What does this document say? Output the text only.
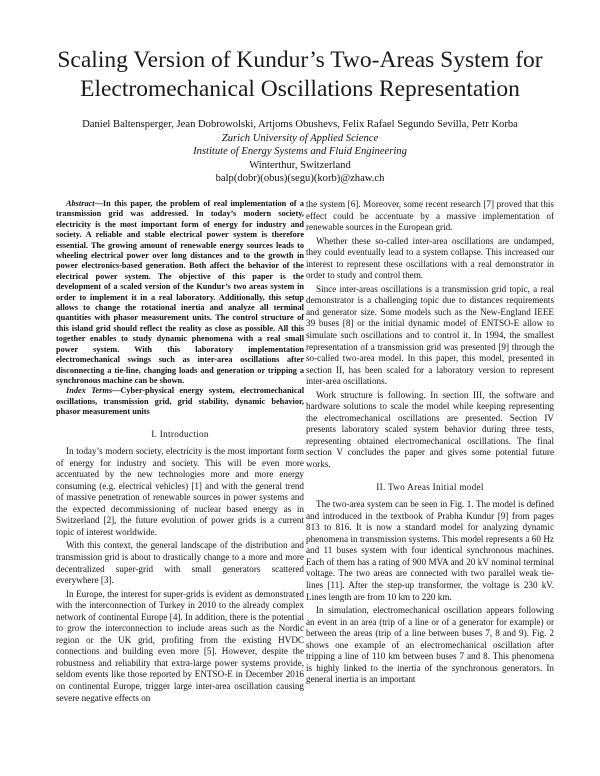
Scaling Version of Kundur’s Two-Areas System for Electromechanical Oscillations Representation
Daniel Baltensperger, Jean Dobrowolski, Artjoms Obushevs, Felix Rafael Segundo Sevilla, Petr Korba
Zurich University of Applied Science
Institute of Energy Systems and Fluid Engineering
Winterthur, Switzerland
balp(dobr)(obus)(segu)(korb)@zhaw.ch

Abstract—In this paper, the problem of real implementation of a transmission grid was addressed. In today’s modern society, electricity is the most important form of energy for industry and society. A reliable and stable electrical power system is therefore essential. The growing amount of renewable energy sources leads to wheeling electrical power over long distances and to the growth in power electronics-based generation. Both affect the behavior of the electrical power system. The objective of this paper is the development of a scaled version of the Kundur’s two areas system in order to implement it in a real laboratory. Additionally, this setup allows to change the rotational inertia and analyze all terminal quantities with phasor measurement units. The control structure of this island grid should reflect the reality as close as possible. All this together enables to study dynamic phenomena with a real small power system. With this laboratory implementation electromechanical swings such as inter-area oscillations after disconnecting a tie-line, changing loads and generation or tripping a synchronous machine can be shown.

Index Terms—Cyber-physical energy system, electromechanical oscillations, transmission grid, grid stability, dynamic behavior, phasor measurement units

I. Introduction

In today’s modern society, electricity is the most important form of energy for industry and society. This will be even more accentuated by the new technologies more and more energy consuming (e.g. electrical vehicles) [1] and with the general trend of massive penetration of renewable sources in power systems and the expected decommissioning of nuclear based energy as in Switzerland [2], the future evolution of power grids is a current topic of interest worldwide.

With this context, the general landscape of the distribution and transmission grid is about to drastically change to a more and more decentralized super-grid with small generators scattered everywhere [3].

In Europe, the interest for super-grids is evident as demonstrated with the interconnection of Turkey in 2010 to the already complex network of continental Europe [4]. In addition, there is the potential to grow the interconnection to include areas such as the Nordic region or the UK grid, profiting from the existing HVDC connections and building even more [5]. However, despite the robustness and reliability that extra-large power systems provide, seldom events like those reported by ENTSO-E in December 2016 on continental Europe, trigger large inter-area oscillation causing severe negative effects on

the system [6]. Moreover, some recent research [7] proved that this effect could be accentuate by a massive implementation of renewable sources in the European grid.

Whether these so-called inter-area oscillations are undamped, they could eventually lead to a system collapse. This increased our interest to represent these oscillations with a real demonstrator in order to study and control them.

Since inter-areas oscillations is a transmission grid topic, a real demonstrator is a challenging topic due to distances requirements and generator size. Some models such as the New-England IEEE 39 buses [8] or the initial dynamic model of ENTSO-E allow to simulate such oscillations and to control it. In 1994, the smallest representation of a transmission grid was presented [9] through the so-called two-area model. In this paper, this model, presented in section II, has been scaled for a laboratory version to represent inter-area oscillations.

Work structure is following. In section III, the software and hardware solutions to scale the model while keeping representing the electromechanical oscillations are presented. Section IV presents laboratory scaled system behavior during three tests, representing obtained electromechanical oscillations. The final section V concludes the paper and gives some potential future works.

II. Two Areas Initial model

The two-area system can be seen in Fig. 1. The model is defined and introduced in the textbook of Prabha Kundur [9] from pages 813 to 816. It is now a standard model for analyzing dynamic phenomena in transmission systems. This model represents a 60 Hz and 11 buses system with four identical synchronous machines. Each of them has a rating of 900 MVA and 20 kV nominal terminal voltage. The two areas are connected with two parallel weak tie-lines [11]. After the step-up transformer, the voltage is 230 kV. Lines length are from 10 km to 220 km.

In simulation, electromechanical oscillation appears following an event in an area (trip of a line or of a generator for example) or between the areas (trip of a line between buses 7, 8 and 9). Fig. 2 shows one example of an electromechanical oscillation after tripping a line of 110 km between buses 7 and 8. This phenomena is highly linked to the inertia of the synchronous generators. In general inertia is an important
